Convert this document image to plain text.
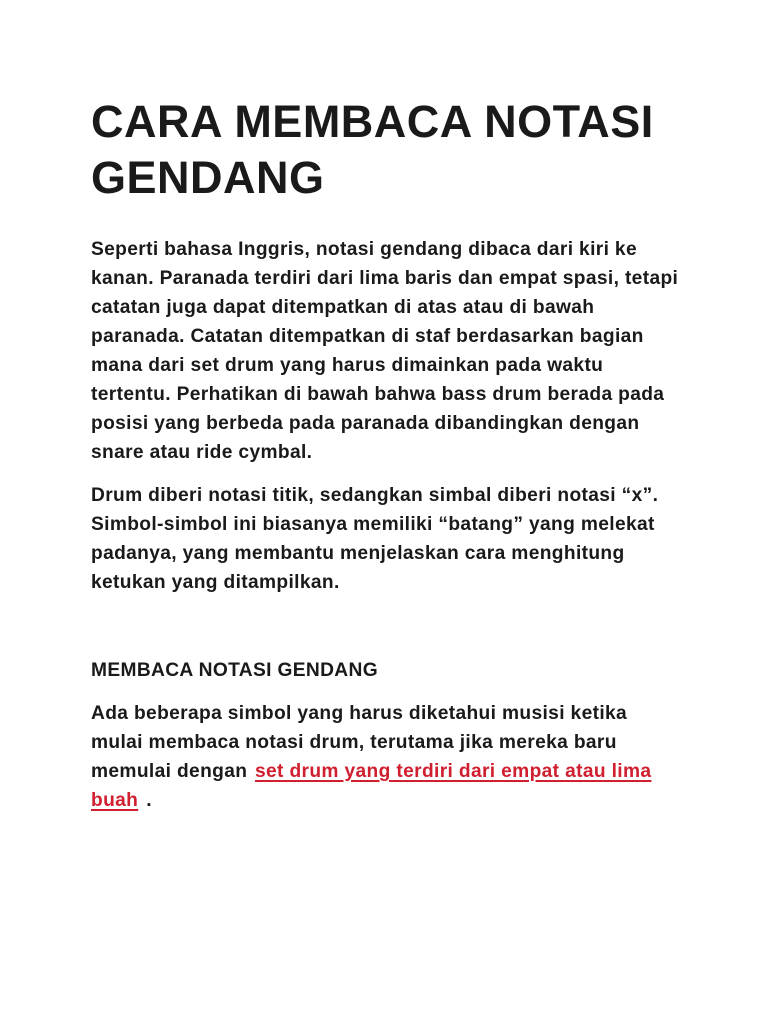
CARA MEMBACA NOTASI GENDANG

Seperti bahasa Inggris, notasi gendang dibaca dari kiri ke kanan. Paranada terdiri dari lima baris dan empat spasi, tetapi catatan juga dapat ditempatkan di atas atau di bawah paranada. Catatan ditempatkan di staf berdasarkan bagian mana dari set drum yang harus dimainkan pada waktu tertentu. Perhatikan di bawah bahwa bass drum berada pada posisi yang berbeda pada paranada dibandingkan dengan snare atau ride cymbal.

Drum diberi notasi titik, sedangkan simbal diberi notasi “x”. Simbol-simbol ini biasanya memiliki “batang” yang melekat padanya, yang membantu menjelaskan cara menghitung ketukan yang ditampilkan.

MEMBACA NOTASI GENDANG

Ada beberapa simbol yang harus diketahui musisi ketika mulai membaca notasi drum, terutama jika mereka baru memulai dengan set drum yang terdiri dari empat atau lima buah .
